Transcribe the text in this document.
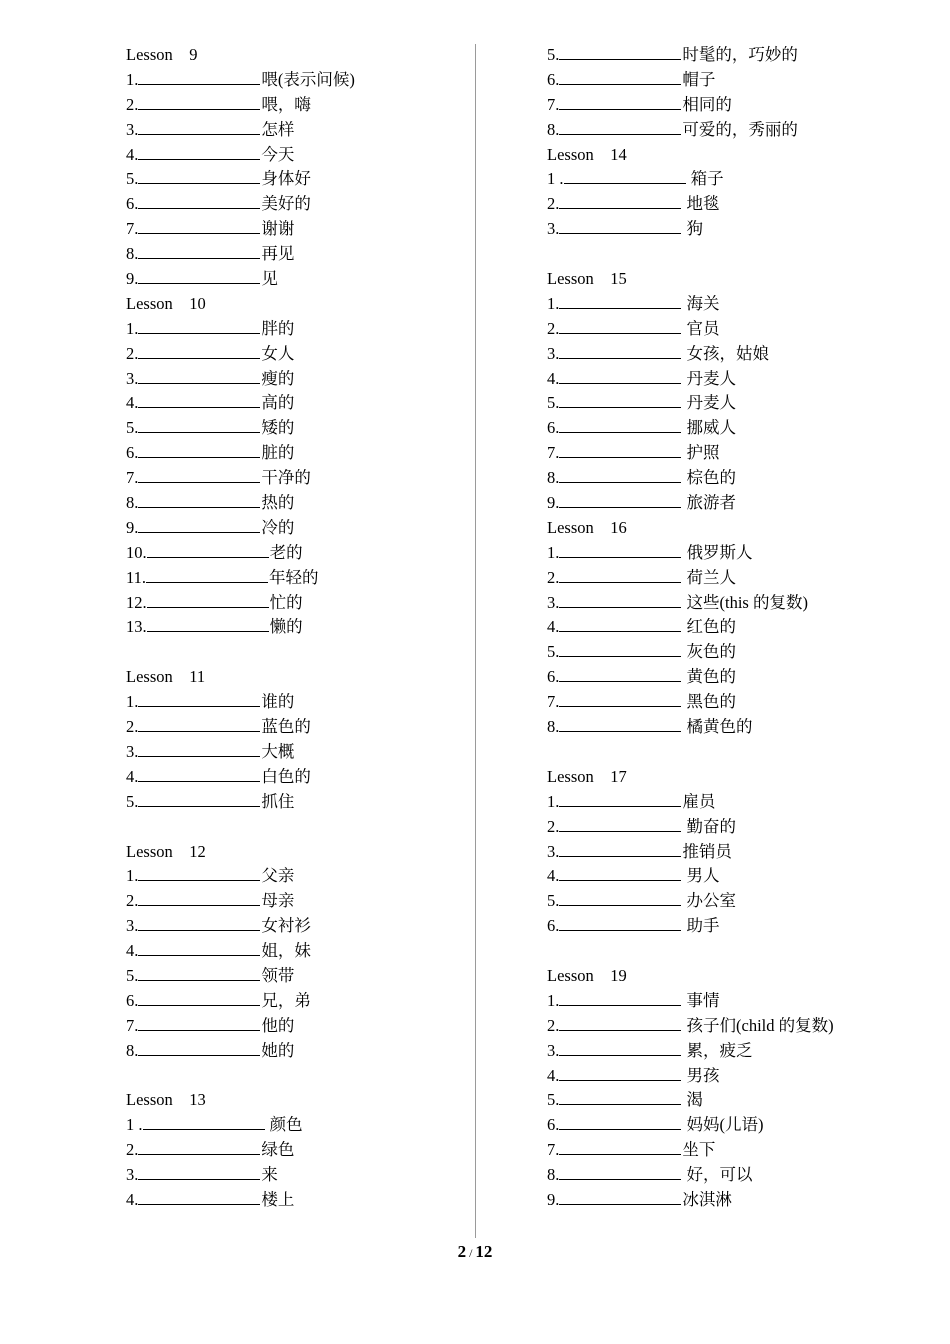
Lesson　9
1.	喂(表示问候)
2.	喂，嗨
3.	怎样
4.	今天
5.	身体好
6.	美好的
7.	谢谢
8.	再见
9.	见
Lesson　10
1.	胖的
2.	女人
3.	瘦的
4.	高的
5.	矮的
6.	脏的
7.	干净的
8.	热的
9.	冷的
10.	老的
11.	年轻的
12.	忙的
13.	懒的
Lesson　11
1.	谁的
2.	蓝色的
3.	大概
4.	白色的
5.	抓住
Lesson　12
1.	父亲
2.	母亲
3.	女衬衫
4.	姐，妹
5.	领带
6.	兄，弟
7.	他的
8.	她的
Lesson　13
1 .	颜色
2.	绿色
3.	来
4.	楼上
5.	时髦的，巧妙的
6.	帽子
7.	相同的
8.	可爱的，秀丽的
Lesson　14
1 .	箱子
2.	地毯
3.	狗
Lesson　15
1.	海关
2.	官员
3.	女孩，姑娘
4.	丹麦人
5.	丹麦人
6.	挪威人
7.	护照
8.	棕色的
9.	旅游者
Lesson　16
1.	俄罗斯人
2.	荷兰人
3.	这些(this 的复数)
4.	红色的
5.	灰色的
6.	黄色的
7.	黑色的
8.	橘黄色的
Lesson　17
1.	雇员
2.	勤奋的
3.	推销员
4.	男人
5.	办公室
6.	助手
Lesson　19
1.	事情
2.	孩子们(child 的复数)
3.	累，疲乏
4.	男孩
5.	渴
6.	妈妈(儿语)
7.	坐下
8.	好，可以
9.	冰淇淋
2 / 12
